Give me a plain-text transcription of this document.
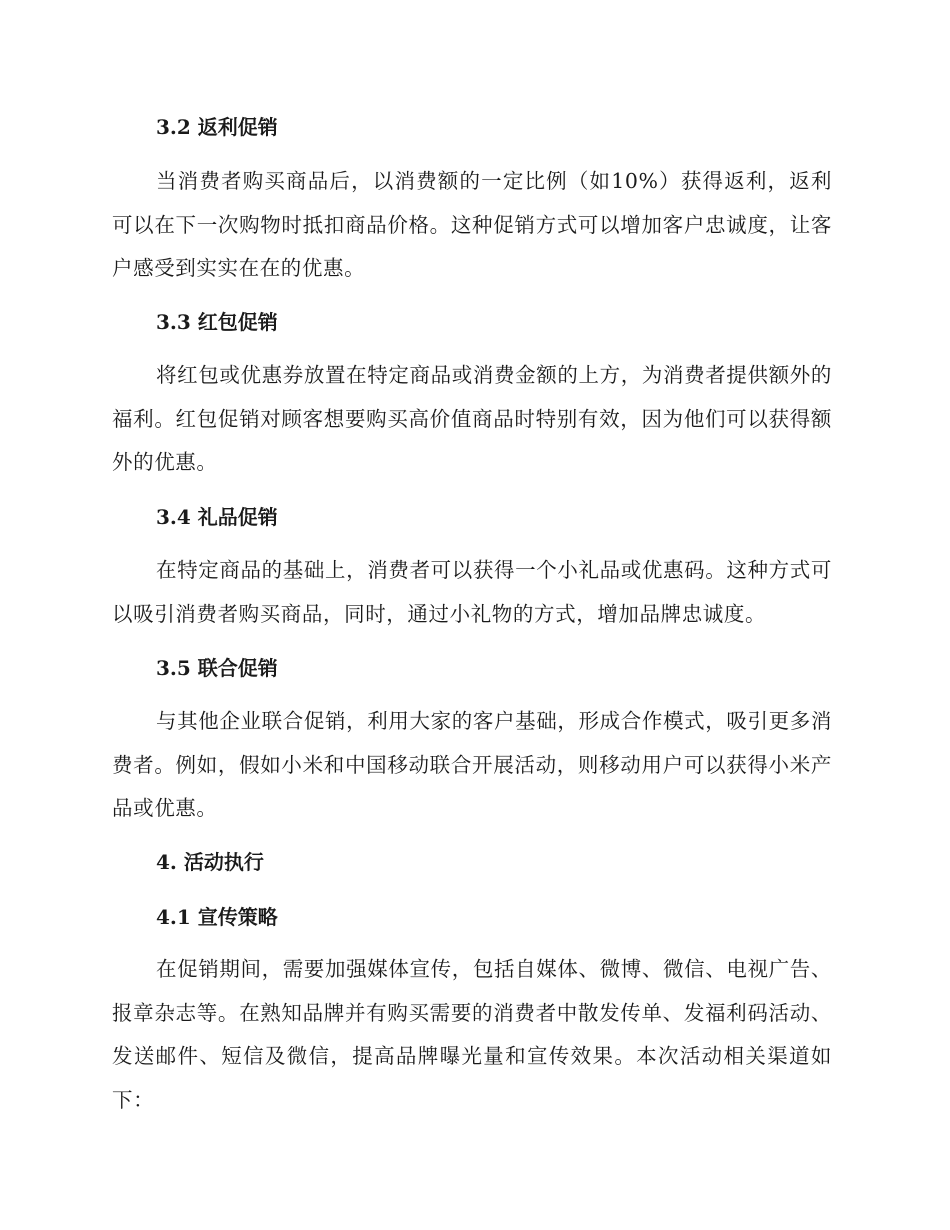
3.2 返利促销
当消费者购买商品后，以消费额的一定比例（如10%）获得返利，返利可以在下一次购物时抵扣商品价格。这种促销方式可以增加客户忠诚度，让客户感受到实实在在的优惠。
3.3 红包促销
将红包或优惠券放置在特定商品或消费金额的上方，为消费者提供额外的福利。红包促销对顾客想要购买高价值商品时特别有效，因为他们可以获得额外的优惠。
3.4 礼品促销
在特定商品的基础上，消费者可以获得一个小礼品或优惠码。这种方式可以吸引消费者购买商品，同时，通过小礼物的方式，增加品牌忠诚度。
3.5 联合促销
与其他企业联合促销，利用大家的客户基础，形成合作模式，吸引更多消费者。例如，假如小米和中国移动联合开展活动，则移动用户可以获得小米产品或优惠。
4. 活动执行
4.1 宣传策略
在促销期间，需要加强媒体宣传，包括自媒体、微博、微信、电视广告、报章杂志等。在熟知品牌并有购买需要的消费者中散发传单、发福利码活动、发送邮件、短信及微信，提高品牌曝光量和宣传效果。本次活动相关渠道如下：
